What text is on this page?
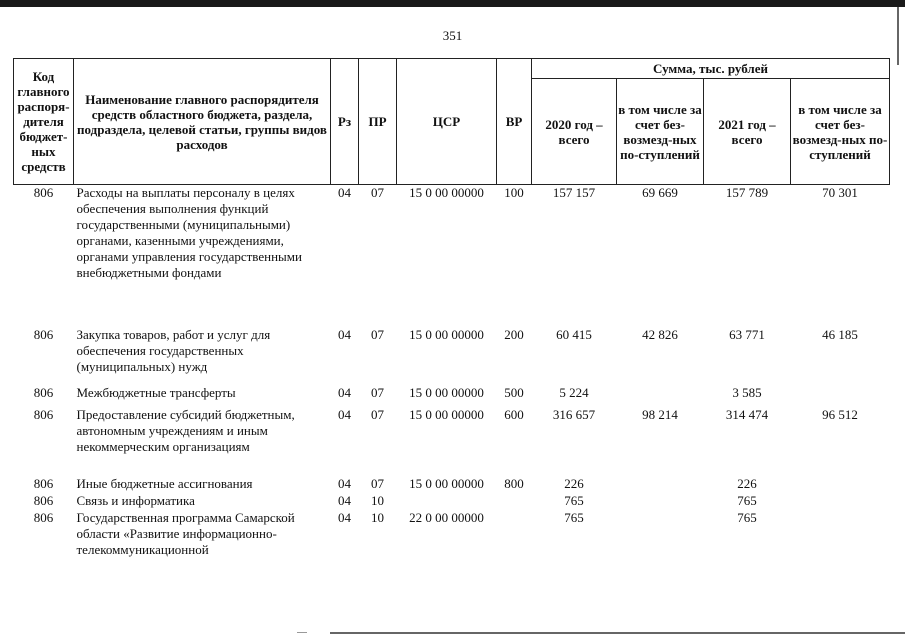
351
Код главного распоря-дителя бюджет-ных средств	Наименование главного распорядителя средств областного бюджета, раздела, подраздела, целевой статьи, группы видов расходов	Рз	ПР	ЦСР	ВР	Сумма, тыс. рублей			
						2020 год – всего	в том числе за счет без-возмезд-ных по-ступлений	2021 год – всего	в том числе за счет без-возмезд-ных по-ступлений
806	Расходы на выплаты персоналу в целях обеспечения выполнения функций государственными (муниципальными) органами, казенными учреждениями, органами управления государственными внебюджетными фондами	04	07	15 0 00 00000	100	157 157	69 669	157 789	70 301
806	Закупка товаров, работ и услуг для обеспечения государственных (муниципальных) нужд	04	07	15 0 00 00000	200	60 415	42 826	63 771	46 185
806	Межбюджетные трансферты	04	07	15 0 00 00000	500	5 224		3 585	
806	Предоставление субсидий бюджетным, автономным учреждениям и иным некоммерческим организациям	04	07	15 0 00 00000	600	316 657	98 214	314 474	96 512
806	Иные бюджетные ассигнования	04	07	15 0 00 00000	800	226		226	
806	Связь и информатика	04	10			765		765	
806	Государственная программа Самарской области «Развитие информационно-телекоммуникационной	04	10	22 0 00 00000		765		765	
